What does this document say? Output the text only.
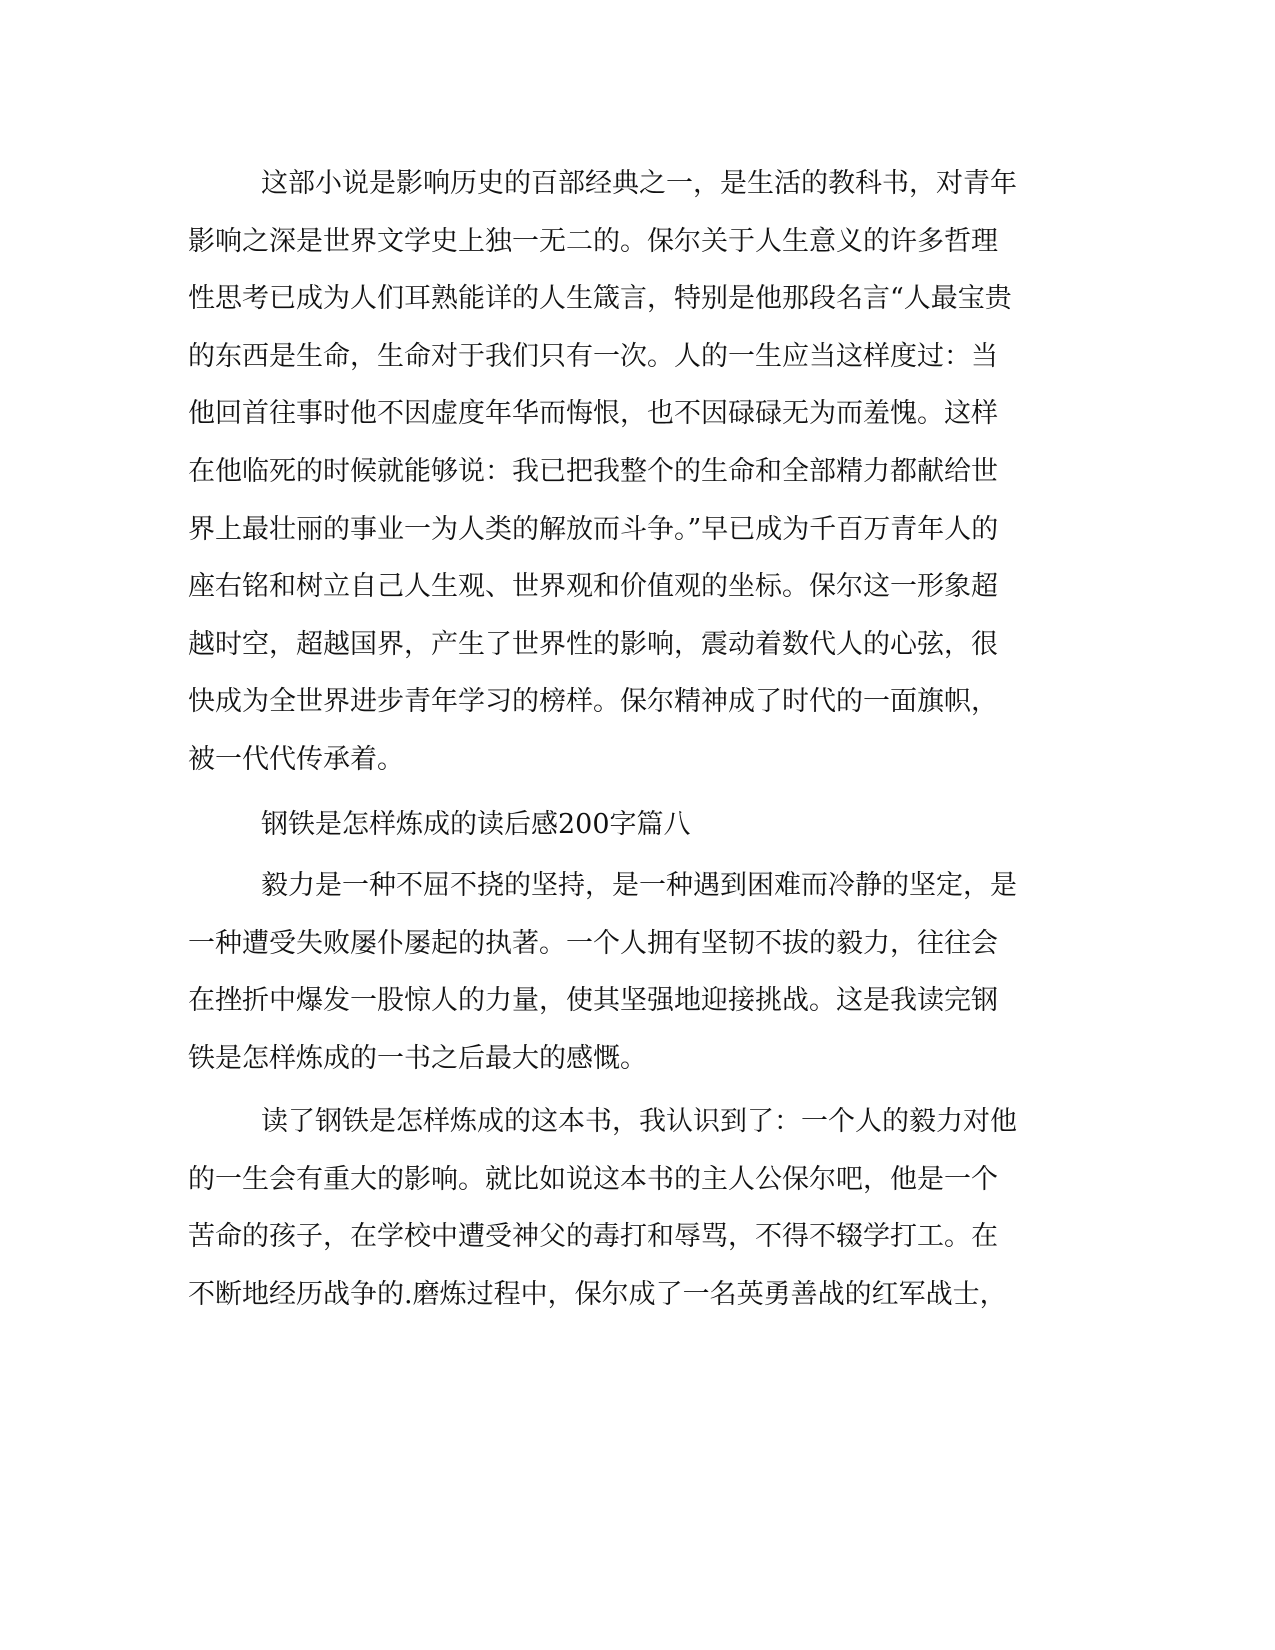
这部小说是影响历史的百部经典之一，是生活的教科书，对青年
影响之深是世界文学史上独一无二的。保尔关于人生意义的许多哲理
性思考已成为人们耳熟能详的人生箴言，特别是他那段名言“人最宝贵
的东西是生命，生命对于我们只有一次。人的一生应当这样度过：当
他回首往事时他不因虚度年华而悔恨，也不因碌碌无为而羞愧。这样
在他临死的时候就能够说：我已把我整个的生命和全部精力都献给世
界上最壮丽的事业一为人类的解放而斗争。”早已成为千百万青年人的
座右铭和树立自己人生观、世界观和价值观的坐标。保尔这一形象超
越时空，超越国界，产生了世界性的影响，震动着数代人的心弦，很
快成为全世界进步青年学习的榜样。保尔精神成了时代的一面旗帜，
被一代代传承着。
钢铁是怎样炼成的读后感200字篇八
毅力是一种不屈不挠的坚持，是一种遇到困难而冷静的坚定，是
一种遭受失败屡仆屡起的执著。一个人拥有坚韧不拔的毅力，往往会
在挫折中爆发一股惊人的力量，使其坚强地迎接挑战。这是我读完钢
铁是怎样炼成的一书之后最大的感慨。
读了钢铁是怎样炼成的这本书，我认识到了：一个人的毅力对他
的一生会有重大的影响。就比如说这本书的主人公保尔吧，他是一个
苦命的孩子，在学校中遭受神父的毒打和辱骂，不得不辍学打工。在
不断地经历战争的.磨炼过程中，保尔成了一名英勇善战的红军战士，
